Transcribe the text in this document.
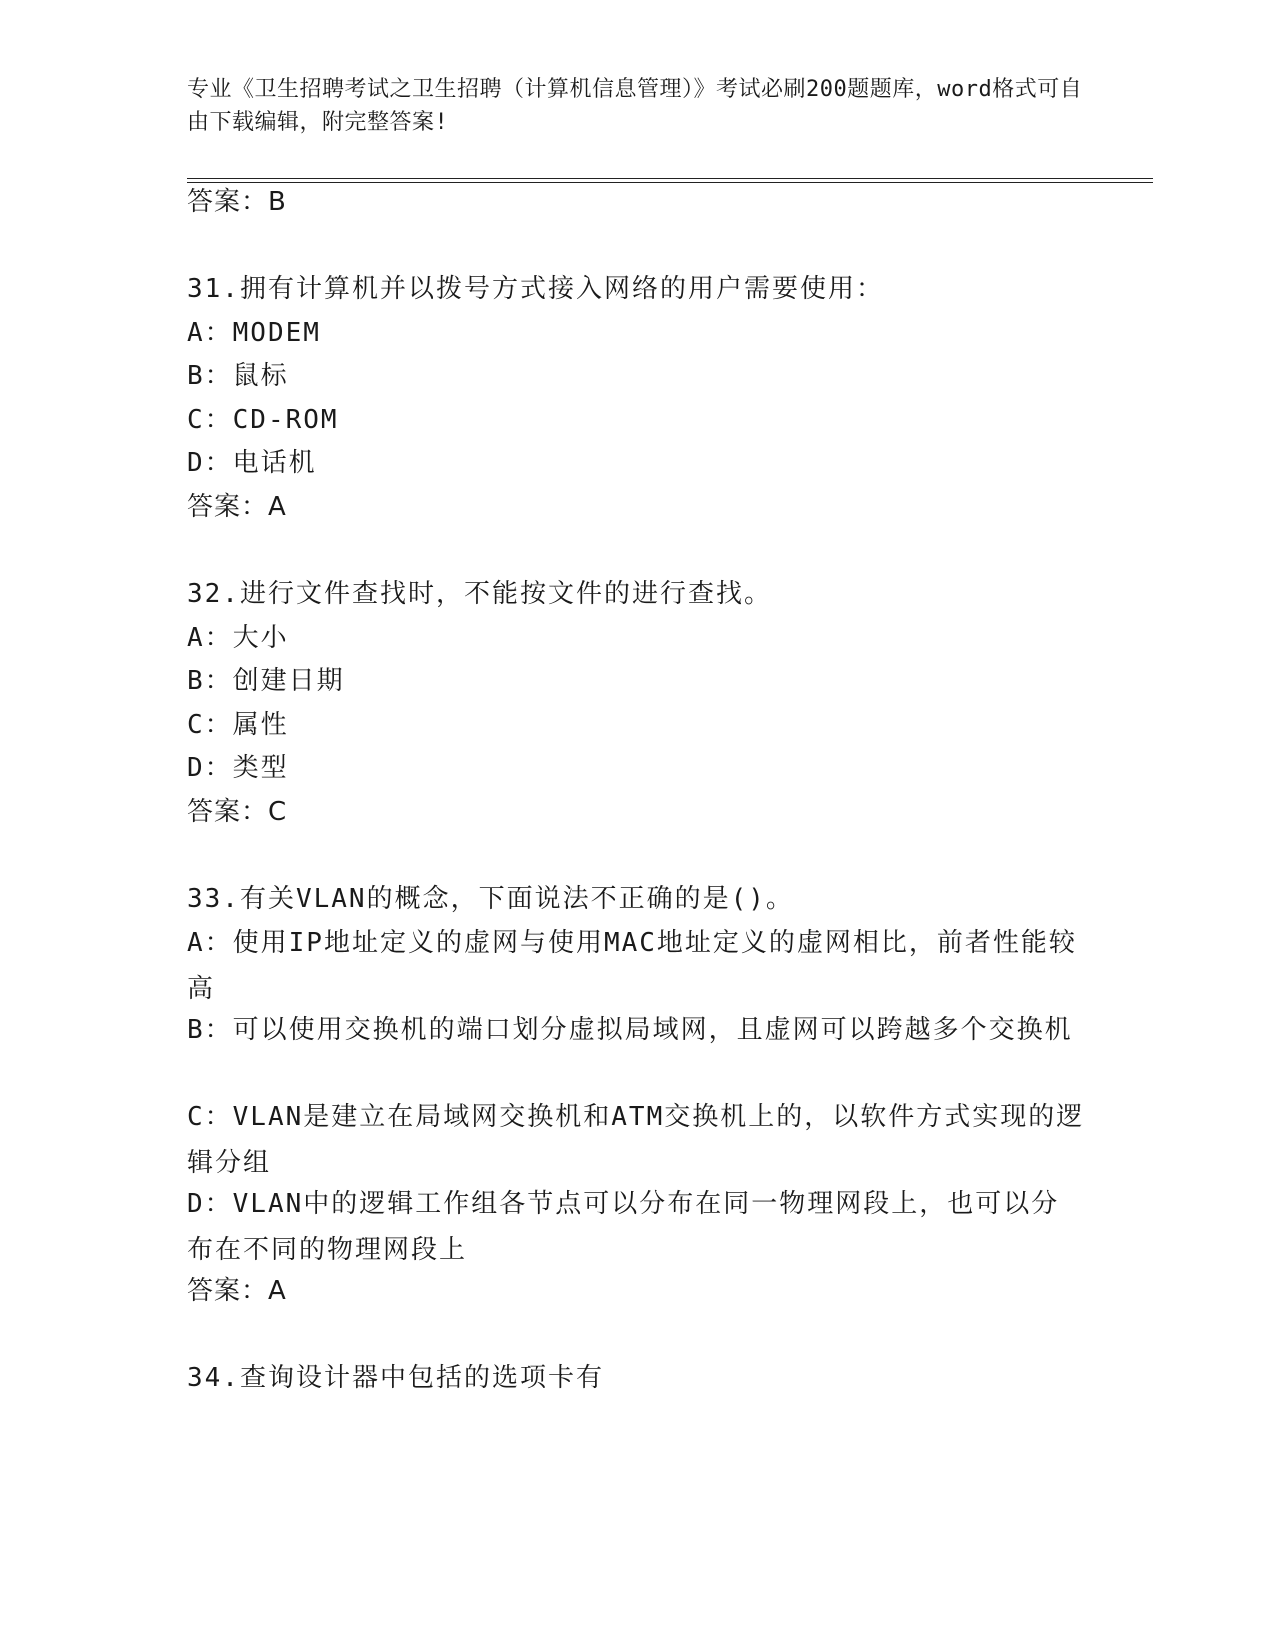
专业《卫生招聘考试之卫生招聘（计算机信息管理）》考试必刷200题题库，word格式可自由下载编辑，附完整答案!
答案：B
31.拥有计算机并以拨号方式接入网络的用户需要使用：
A：MODEM
B：鼠标
C：CD-ROM
D：电话机
答案：A
32.进行文件查找时，不能按文件的进行查找。
A：大小
B：创建日期
C：属性
D：类型
答案：C
33.有关VLAN的概念，下面说法不正确的是()。
A：使用IP地址定义的虚网与使用MAC地址定义的虚网相比，前者性能较高
B：可以使用交换机的端口划分虚拟局域网，且虚网可以跨越多个交换机
C：VLAN是建立在局域网交换机和ATM交换机上的，以软件方式实现的逻辑分组
D：VLAN中的逻辑工作组各节点可以分布在同一物理网段上，也可以分布在不同的物理网段上
答案：A
34.查询设计器中包括的选项卡有
